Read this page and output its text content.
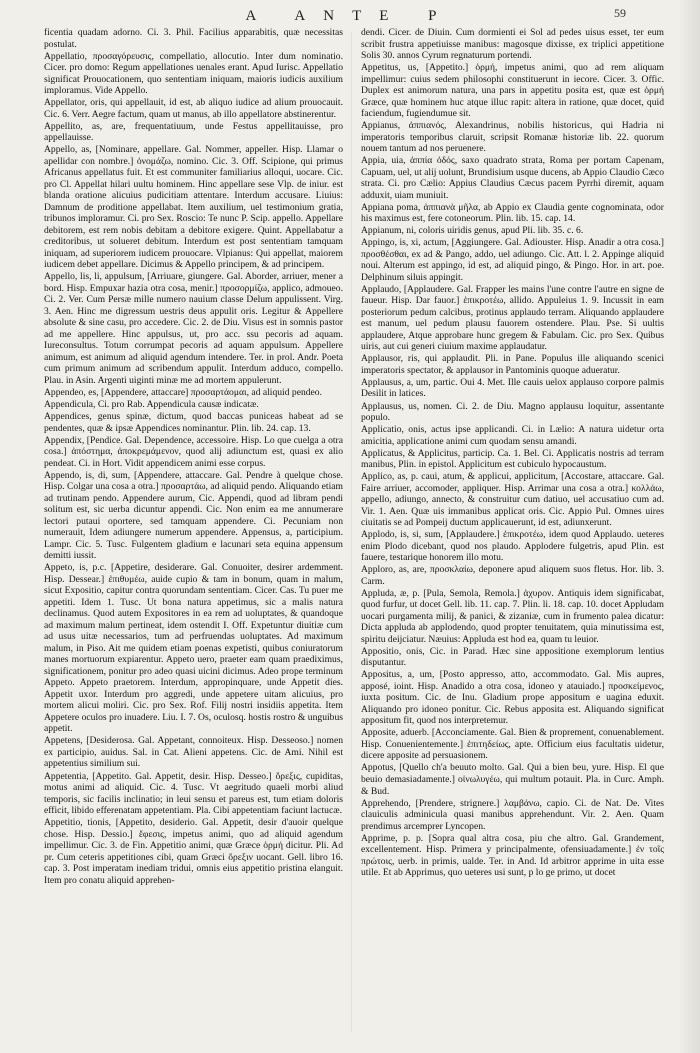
A ANTE P	59

ficentia quadam adorno. Ci. 3. Phil. Facilius apparabitis, quæ necessitas postulat.

Appellatio, προσαγόρευσις, compellatio, allocutio. Inter dum nominatio. Cicer. pro domo: Regum appellationes uenales erant. Apud Iurisc. Appellatio significat Prouocationem, quo sententiam iniquam, maioris iudicis auxilium imploramus. Vide Appello.

Appellator, oris, qui appellauit, id est, ab aliquo iudice ad alium prouocauit. Cic. 6. Verr. Aegre factum, quam ut manus, ab illo appellatore abstinerentur.

Appellito, as, are, frequentatiuum, unde Festus appellitauisse, pro appellauisse.

Appello, as, [Nominare, appellare. Gal. Nommer, appeller. Hisp. Llamar o apellidar con nombre.] ὀνομάζω, nomino. Cic. 3. Off. Scipione, qui primus Africanus appellatus fuit. Et est communiter familiarius alloqui, uocare. Cic. pro Cl. Appellat hilari uultu hominem. Hinc appellare sese Vlp. de iniur. est blanda oratione alicuius pudicitiam attentare. Interdum accusare. Liuius: Damnum de proditione appellabat. Item auxilium, uel testimonium gratia, tribunos imploramur. Ci. pro Sex. Roscio: Te nunc P. Scip. appello. Appellare debitorem, est rem nobis debitam a debitore exigere. Quint. Appellabatur a creditoribus, ut solueret debitum. Interdum est post sententiam tamquam iniquam, ad superiorem iudicem prouocare. Vlpianus: Qui appellat, maiorem iudicem debet appellare. Dicimus & Appello principem, & ad principem.

Appello, lis, li, appulsum, [Arriuare, giungere. Gal. Aborder, arriuer, mener a bord. Hisp. Empuxar hazia otra cosa, menir.] προσορμίζω, applico, admoueo. Ci. 2. Ver. Cum Persæ mille numero nauium classe Delum appulissent. Virg. 3. Aen. Hinc me digressum uestris deus appulit oris. Legitur & Appellere absolute & sine casu, pro accedere. Cic. 2. de Diu. Visus est in somnis pastor ad me appellere. Hinc appulsus, ut, pro acc. ssu pecoris ad aquam. Iureconsultus. Totum corrumpat pecoris ad aquam appulsum. Appellere animum, est animum ad aliquid agendum intendere. Ter. in prol. Andr. Poeta cum primum animum ad scribendum appulit. Interdum adduco, compello. Plau. in Asin. Argenti uiginti minæ me ad mortem appulerunt.

Appendeo, es, [Appendere, attaccare] προσαρτάομαι, ad aliquid pendeo.

Appendicula, Ci. pro Rab. Appendicula causæ indicatæ.

Appendices, genus spinæ, dictum, quod baccas puniceas habeat ad se pendentes, quæ & ipsæ Appendices nominantur. Plin. lib. 24. cap. 13.

Appendix, [Pendice. Gal. Dependence, accessoire. Hisp. Lo que cuelga a otra cosa.] ἀπόστημα, ἀποκρεμάμενον, quod alij adiunctum est, quasi ex alio pendeat. Ci. in Hort. Vidit appendicem animi esse corpus.

Appendo, is, di, sum, [Appendere, attaccare. Gal. Pendre à quelque chose. Hisp. Colgar una cosa a otra.] προσαρτάω, ad aliquid pendo. Aliquando etiam ad trutinam pendo. Appendere aurum, Cic. Appendi, quod ad libram pendi solitum est, sic uerba dicuntur appendi. Cic. Non enim ea me annumerare lectori putaui oportere, sed tamquam appendere. Ci. Pecuniam non numerauit, Idem adiungere numerum appendere. Appensus, a, participium. Lampr. Cic. 5. Tusc. Fulgentem gladium e lacunari seta equina appensum demitti iussit.

Appeto, is, p.c. [Appetire, desiderare. Gal. Conuoiter, desirer ardemment. Hisp. Dessear.] ἐπιθυμέω, auide cupio & tam in bonum, quam in malum, sicut Expositio, capitur contra quorundam sententiam. Cicer. Cas. Tu puer me appetiti. Idem 1. Tusc. Ut bona natura appetimus, sic a malis natura declinamus. Quod autem Expositores in ea rem ad uoluptates, & quandoque ad maximum malum pertineat, idem ostendit I. Off. Expetuntur diuitiæ cum ad usus uitæ necessarios, tum ad perfruendas uoluptates. Ad maximum malum, in Piso. Ait me quidem etiam poenas expetisti, quibus coniuratorum manes mortuorum expiarentur. Appeto uero, praeter eam quam praediximus, significationem, ponitur pro adeo quasi uicini dicimus. Adeo prope terminum Appeto. Appeto praetorem. Interdum, appropinquare, unde Appetit dies. Appetit uxor. Interdum pro aggredi, unde appetere uitam alicuius, pro mortem alicui moliri. Cic. pro Sex. Rof. Filij nostri insidiis appetita. Item Appetere oculos pro inuadere. Liu. I. 7. Os, oculosq. hostis rostro & unguibus appetit.

Appetens, [Desiderosa. Gal. Appetant, connoiteux. Hisp. Desseoso.] nomen ex participio, auidus. Sal. in Cat. Alieni appetens. Cic. de Ami. Nihil est appetentius similium sui.

Appetentia, [Appetito. Gal. Appetit, desir. Hisp. Desseo.] ὄρεξις, cupiditas, motus animi ad aliquid. Cic. 4. Tusc. Vt aegritudo quaeli morbi aliud temporis, sic facilis inclinatio; in leui sensu et pareus est, tum etiam doloris efficit, libido efferenatam appetentiam. Pla. Cibi appetentiam faciunt lactucæ.

Appetitio, tionis, [Appetito, desiderio. Gal. Appetit, desir d'auoir quelque chose. Hisp. Dessio.] ἔφεσις, impetus animi, quo ad aliquid agendum impellimur. Cic. 3. de Fin. Appetitio animi, quæ Græce ὁρμή dicitur. Pli. Ad pr. Cum ceteris appetitiones cibi, quam Græci ὄρεξιν uocant. Gell. libro 16. cap. 3. Post imperatam inediam tridui, omnis eius appetitio pristina elanguit. Item pro conatu aliquid apprehen-

dendi. Cicer. de Diuin. Cum dormienti ei Sol ad pedes uisus esset, ter eum scribit frustra appetiuisse manibus: magosque dixisse, ex triplici appetitione Solis 30. annos Cyrum regnaturum portendi.

Appetitus, us, [Appetito.] ὁρμή, impetus animi, quo ad rem aliquam impellimur: cuius sedem philosophi constituerunt in iecore. Cicer. 3. Offic. Duplex est animorum natura, una pars in appetitu posita est, quæ est ὁρμή Græce, quæ hominem huc atque illuc rapit: altera in ratione, quæ docet, quid faciendum, fugiendumue sit.

Appianus, ἀππιανός, Alexandrinus, nobilis historicus, qui Hadria ni imperatoris temporibus claruit, scripsit Romanæ historiæ lib. 22. quorum nouem tantum ad nos peruenere.

Appia, uia, ἀππία ὁδός, saxo quadrato strata, Roma per portam Capenam, Capuam, uel, ut alij uolunt, Brundisium usque ducens, ab Appio Claudio Cæco strata. Ci. pro Cælio: Appius Claudius Cæcus pacem Pyrrhi diremit, aquam adduxit, uiam muniuit.

Appiana poma, ἀππιανὰ μῆλα, ab Appio ex Claudia gente cognominata, odor his maximus est, fere cotoneorum. Plin. lib. 15. cap. 14.

Appianum, ni, coloris uiridis genus, apud Pli. lib. 35. c. 6.

Appingo, is, xi, actum, [Aggiungere. Gal. Adiouster. Hisp. Anadir a otra cosa.] προσθέσθαι, ex ad & Pango, addo, uel adiungo. Cic. Att. l. 2. Appinge aliquid noui. Alterum est appingo, id est, ad aliquid pingo, & Pingo. Hor. in art. poe. Delphinum siluis appingit.

Applaudo, [Applaudere. Gal. Frapper les mains l'une contre l'autre en signe de faueur. Hisp. Dar fauor.] ἐπικροτέω, allido. Appuleius 1. 9. Incussit in eam posteriorum pedum calcibus, protinus applaudo terram. Aliquando applaudere est manum, uel pedum plausu fauorem ostendere. Plau. Pse. Si uultis applaudere, Atque approbare hunc gregem & Fabulam. Cic. pro Sex. Quibus uiris, aut cui generi ciuium maxime applaudatur.

Applausor, ris, qui applaudit. Pli. in Pane. Populus ille aliquando scenici imperatoris spectator, & applausor in Pantominis quoque adueratur.

Applausus, a, um, partic. Oui 4. Met. Ille cauis uelox applauso corpore palmis Desilit in latices.

Applausus, us, nomen. Ci. 2. de Diu. Magno applausu loquitur, assentante populo.

Applicatio, onis, actus ipse applicandi. Ci. in Lælio: A natura uidetur orta amicitia, applicatione animi cum quodam sensu amandi.

Applicatus, & Applicitus, particip. Ca. 1. Bel. Ci. Applicatis nostris ad terram manibus, Plin. in epistol. Applicitum est cubiculo hypocaustum.

Applico, as, p. caui, atum, & applicui, applicitum, [Accostare, attaccare. Gal. Faire arriuer, accomoder, appliquer. Hisp. Arrimar una cosa a otra.] κολλάω, appello, adiungo, annecto, & construitur cum datiuo, uel accusatiuo cum ad. Vir. 1. Aen. Quæ uis immanibus applicat oris. Cic. Appio Pul. Omnes uires ciuitatis se ad Pompeij ductum applicauerunt, id est, adiunxerunt.

Applodo, is, si, sum, [Applaudere.] ἐπικροτέω, idem quod Applaudo. ueteres enim Plodo dicebant, quod nos plaudo. Applodere fulgetris, apud Plin. est fauere, testarique honorem illo motu.

Apploro, as, are, προσκλαίω, deponere apud aliquem suos fletus. Hor. lib. 3. Carm.

Appluda, æ, p. [Pula, Semola, Remola.] ἀχυρον. Antiquis idem significabat, quod furfur, ut docet Gell. lib. 11. cap. 7. Plin. li. 18. cap. 10. docet Appludam uocari purgamenta milij, & panici, & zizaniæ, cum in frumento palea dicatur: Dicta appluda ab applodendo, quod propter tenuitatem, quia minutissima est, spiritu deijciatur. Næuius: Appluda est hod ea, quam tu leuior.

Appositio, onis, Cic. in Parad. Hæc sine appositione exemplorum lentius disputantur.

Appositus, a, um, [Posto appresso, atto, accommodato. Gal. Mis aupres, apposé, ioint. Hisp. Anadido a otra cosa, idoneo y atauiado.] προσκείμενος, iuxta positum. Cic. de Inu. Gladium prope appositum e uagina eduxit. Aliquando pro idoneo ponitur. Cic. Rebus apposita est. Aliquando significat appositum fit, quod nos interpretemur.

Apposite, aduerb. [Acconciamente. Gal. Bien & proprement, conuenablement. Hisp. Conuenientemente.] ἐπιτηδείως, apte. Officium eius facultatis uidetur, dicere apposite ad persuasionem.

Appotus, [Quello ch'a beuuto molto. Gal. Qui a bien beu, yure. Hisp. El que beuio demasiadamente.] οἰνωλυγέω, qui multum potauit. Pla. in Curc. Amph. & Bud.

Apprehendo, [Prendere, strignere.] λαμβάνω, capio. Ci. de Nat. De. Vites clauiculis adminicula quasi manibus apprehendunt. Vir. 2. Aen. Quam prendimus arcemprer Lyncopen.

Apprime, p. p. [Sopra qual altra cosa, piu che altro. Gal. Grandement, excellentement. Hisp. Primera y principalmente, ofensiuadamente.] ἐν τοῖς πρώτοις, uerb. in primis, ualde. Ter. in And. Id arbitror apprime in uita esse utile. Et ab Apprimus, quo ueteres usi sunt, p lo ge primo, ut docet
